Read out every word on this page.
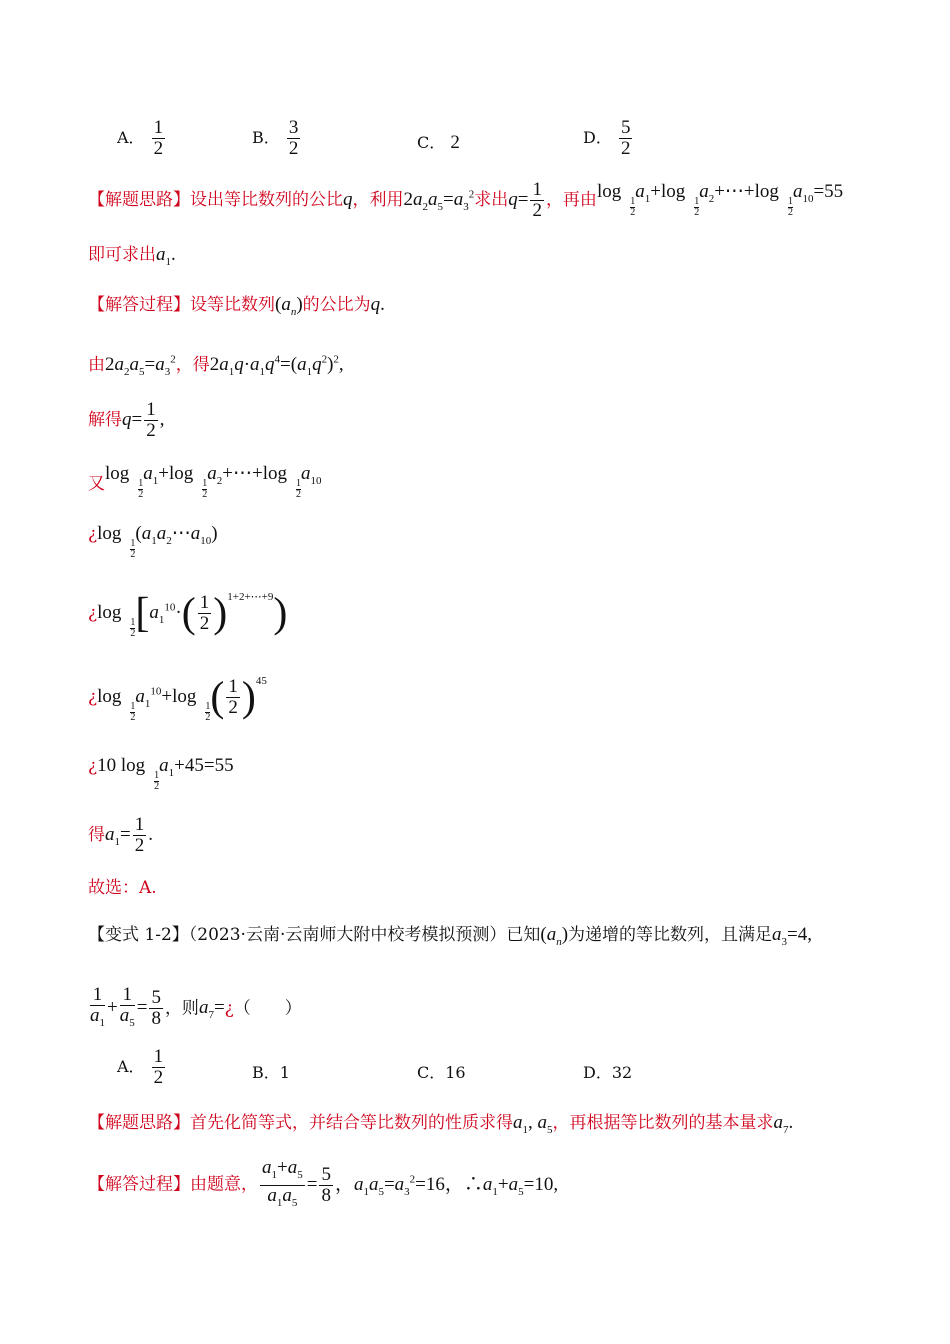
A． $\frac{1}{2}$	B． $\frac{3}{2}$	C． 2	D． $\frac{5}{2}$
【解题思路】设出等比数列的公比q，利用$2a_2a_5=a_3^2$求出$q= \frac{1}{2}$ ，再由log 1
2
$a_1+\log$ 1
2
$a_2+\cdots+\log$ 1
2
$a_{10}=55$
即可求出$a_1$.
【解答过程】设等比数列$(a_n)$的公比为q.
由$2a_2a_5=a_3^2$，得$2a_1q\cdot a_1q^4=(a_1q^2)^2$,
解得$q= \frac{1}{2}$ ,
又log 1
2
$a_1+\log$ 1
2
$a_2+\cdots+\log$ 1
2
$a_{10}$
¿log 1
2
$(a_1a_2\cdots a_{10})$
¿log 1
2 $[a_1^{10}\cdot( \frac{1}{2} )^{1+2+\cdots+9})$
¿log 1
2
$a_1^{10}+\log$ 1
2 ( $\frac{1}{2} )^{45}$
¿10 log 1
2
$a_1+45=55$
得$a_1= \frac{1}{2}$ .
故选：A.
【变式 1-2】（2023·云南·云南师大附中校考模拟预测）已知$(a_n)$为递增的等比数列，且满足$a_3=4$,
$\frac{1}{a_1} + \frac{1}{a_5} = \frac{5}{8}$ ，则$a_7=¿$（　　）
A． $\frac{1}{2}$	B．1	C．16	D．32
【解题思路】首先化简等式，并结合等比数列的性质求得$a_1$, $a_5$，再根据等比数列的基本量求$a_7$.
【解答过程】由题意， $\frac{a_1+a_5}{a_1a_5} = \frac{5}{8}$ ，$a_1a_5=a_3^2=16$，$\therefore a_1+a_5=10$,
